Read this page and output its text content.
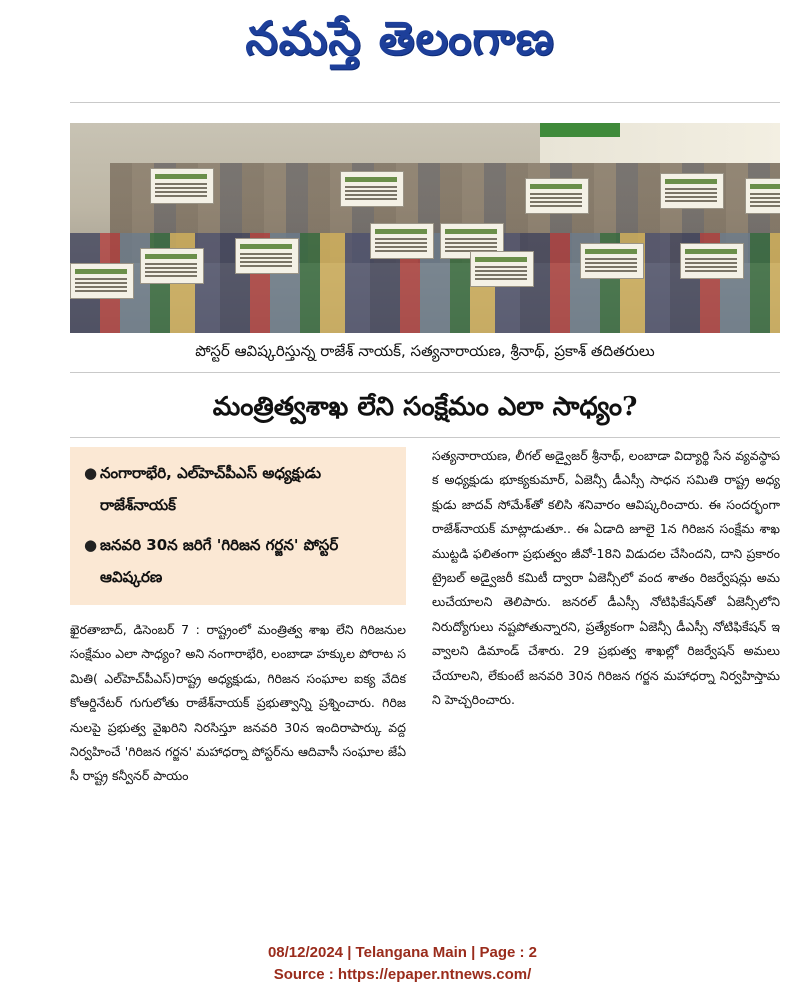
నమస్తే తెలంగాణ
పోస్టర్ ఆవిష్కరిస్తున్న రాజేశ్ నాయక్, సత్యనారాయణ, శ్రీనాథ్, ప్రకాశ్ తదితరులు
మంత్రిత్వశాఖ లేని సంక్షేమం ఎలా సాధ్యం?
● నంగారాభేరి, ఎల్‌హెచ్‌పీఎస్ అధ్యక్షుడు రాజేశ్‌నాయక్
● జనవరి 30న జరిగే 'గిరిజన గర్జన' పోస్టర్ ఆవిష్కరణ
ఖైరతాబాద్, డిసెంబర్ 7 : రాష్ట్రంలో మంత్రిత్వ శాఖ లేని గిరిజనుల సంక్షేమం ఎలా సాధ్యం? అని నంగారాభేరి, లంబాడా హక్కుల పోరాట సమితి( ఎల్‌హెచ్‌పీఎస్)రాష్ట్ర అధ్యక్షుడు, గిరిజన సంఘాల ఐక్య వేదిక కోఆర్డినేటర్ గుగులోతు రాజేశ్‌నాయక్ ప్రభుత్వాన్ని ప్రశ్నించారు. గిరిజనులపై ప్రభుత్వ వైఖరిని నిరసిస్తూ జనవరి 30న ఇందిరాపార్కు వద్ద నిర్వహించే 'గిరిజన గర్జన' మహాధర్నా పోస్టర్‌ను ఆదివాసీ సంఘాల జేఏసీ రాష్ట్ర కన్వీనర్ పాయం
సత్యనారాయణ, లీగల్ అడ్వైజర్ శ్రీనాథ్, లంబాడా విద్యార్థి సేన వ్యవస్థాపక అధ్యక్షుడు భూక్యకుమార్, ఏజెన్సీ డీఎస్సీ సాధన సమితి రాష్ట్ర అధ్యక్షుడు జాదవ్ సోమేశ్‌తో కలిసి శనివారం ఆవిష్కరించారు. ఈ సందర్భంగా రాజేశ్‌నాయక్ మాట్లాడుతూ.. ఈ ఏడాది జూలై 1న గిరిజన సంక్షేమ శాఖ ముట్టడి ఫలితంగా ప్రభుత్వం జీవో-18ని విడుదల చేసిందని, దాని ప్రకారం ట్రైబల్ అడ్వైజరీ కమిటీ ద్వారా ఏజెన్సీలో వంద శాతం రిజర్వేషన్లు అమలుచేయాలని తెలిపారు. జనరల్ డీఎస్సీ నోటిఫికేషన్‌తో ఏజెన్సీలోని నిరుద్యోగులు నష్టపోతున్నారని, ప్రత్యేకంగా ఏజెన్సీ డీఎస్సీ నోటిఫికేషన్ ఇవ్వాలని డిమాండ్ చేశారు. 29 ప్రభుత్వ శాఖల్లో రిజర్వేషన్ అమలు చేయాలని, లేకుంటే జనవరి 30న గిరిజన గర్జన మహాధర్నా నిర్వహిస్తామని హెచ్చరించారు.
08/12/2024 | Telangana Main | Page : 2
Source : https://epaper.ntnews.com/
